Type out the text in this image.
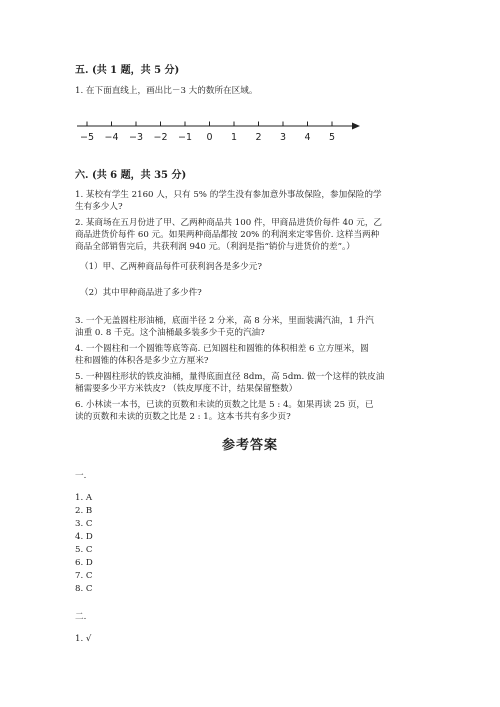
五. (共 1 题，共 5 分)
1. 在下面直线上，画出比－3 大的数所在区域。
−5 −4 −3 −2 −1 0 1 2 3 4 5
六. (共 6 题，共 35 分)
1. 某校有学生 2160 人，只有 5% 的学生没有参加意外事故保险，参加保险的学
生有多少人?
2. 某商场在五月份进了甲、乙两种商品共 100 件，甲商品进货价每件 40 元，乙
商品进货价每件 60 元。如果两种商品都按 20% 的利润来定零售价. 这样当两种
商品全部销售完后，共获利润 940 元。（利润是指“销价与进货价的差”。）
（1）甲、乙两种商品每件可获利润各是多少元?
（2）其中甲种商品进了多少件?
3. 一个无盖圆柱形油桶，底面半径 2 分米，高 8 分米，里面装满汽油，1 升汽
油重 0. 8 千克。这个油桶最多装多少千克的汽油?
4. 一个圆柱和一个圆锥等底等高. 已知圆柱和圆锥的体积相差 6 立方厘米，圆
柱和圆锥的体积各是多少立方厘米?
5. 一种圆柱形状的铁皮油桶，量得底面直径 8dm，高 5dm. 做一个这样的铁皮油
桶需要多少平方米铁皮? （铁皮厚度不计，结果保留整数）
6. 小林读一本书，已读的页数和未读的页数之比是 5 : 4。如果再读 25 页，已
读的页数和未读的页数之比是 2 : 1。这本书共有多少页?
参考答案
一.
1. A
2. B
3. C
4. D
5. C
6. D
7. C
8. C
二.
1. √
